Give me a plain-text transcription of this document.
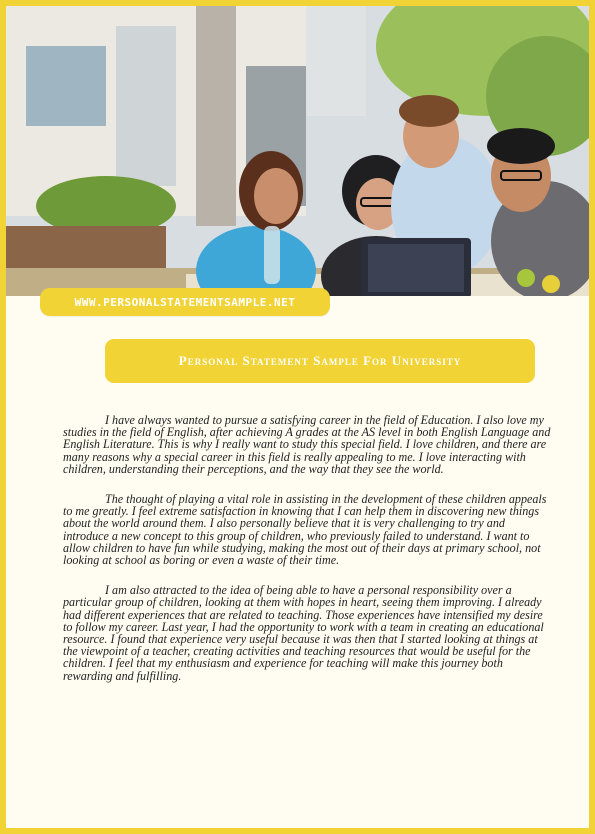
WWW.PERSONALSTATEMENTSAMPLE.NET
Personal Statement Sample For University

I have always wanted to pursue a satisfying career in the field of Education. I also love my studies in the field of English, after achieving A grades at the AS level in both English Language and English Literature. This is why I really want to study this special field. I love children, and there are many reasons why a special career in this field is really appealing to me. I love interacting with children, understanding their perceptions, and the way that they see the world.

The thought of playing a vital role in assisting in the development of these children appeals to me greatly. I feel extreme satisfaction in knowing that I can help them in discovering new things about the world around them. I also personally believe that it is very challenging to try and introduce a new concept to this group of children, who previously failed to understand. I want to allow children to have fun while studying, making the most out of their days at primary school, not looking at school as boring or even a waste of their time.

I am also attracted to the idea of being able to have a personal responsibility over a particular group of children, looking at them with hopes in heart, seeing them improving. I already had different experiences that are related to teaching. Those experiences have intensified my desire to follow my career. Last year, I had the opportunity to work with a team in creating an educational resource. I found that experience very useful because it was then that I started looking at things at the viewpoint of a teacher, creating activities and teaching resources that would be useful for the children. I feel that my enthusiasm and experience for teaching will make this journey both rewarding and fulfilling.
